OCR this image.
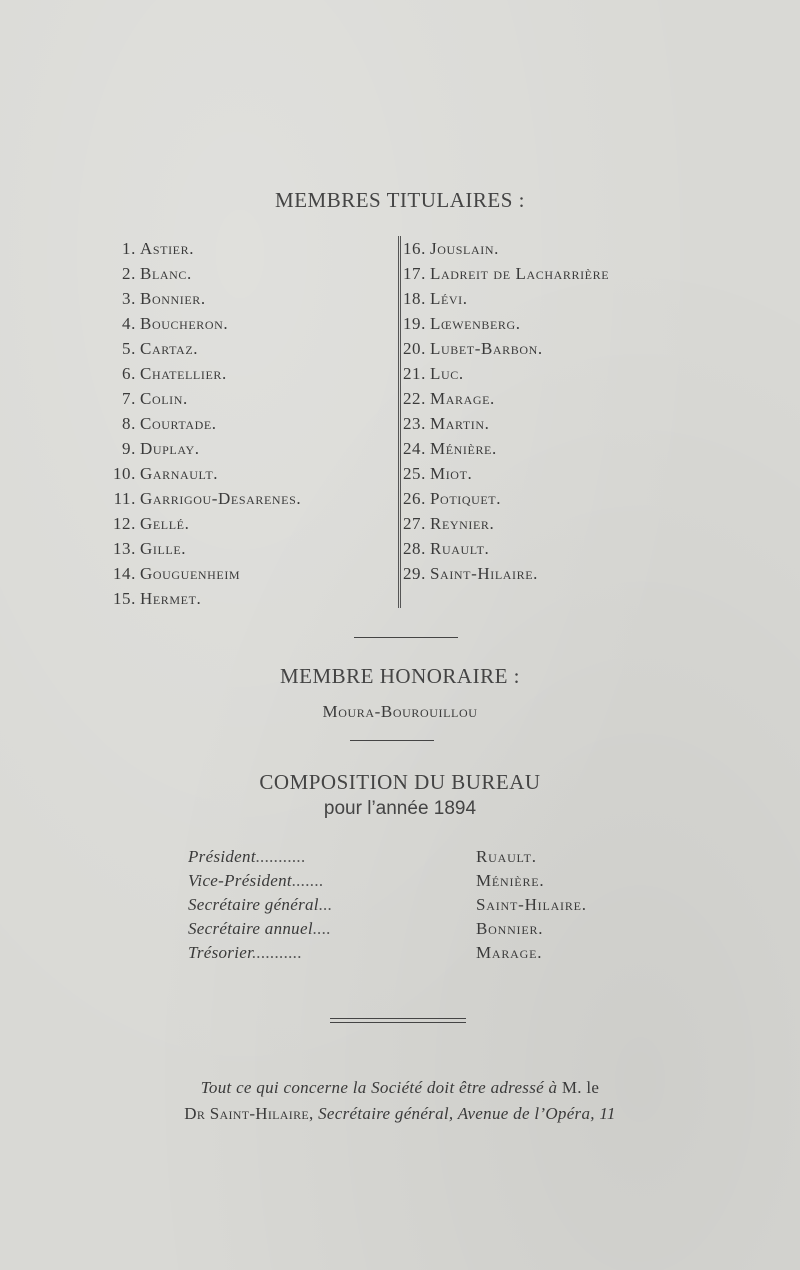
MEMBRES TITULAIRES :
1. Astier.
2. Blanc.
3. Bonnier.
4. Boucheron.
5. Cartaz.
6. Chatellier.
7. Colin.
8. Courtade.
9. Duplay.
10. Garnault.
11. Garrigou-Desarenes.
12. Gellé.
13. Gille.
14. Gouguenheim
15. Hermet.
16. Jouslain.
17. Ladreit de Lacharrière
18. Lévi.
19. Lœwenberg.
20. Lubet-Barbon.
21. Luc.
22. Marage.
23. Martin.
24. Ménière.
25. Miot.
26. Potiquet.
27. Reynier.
28. Ruault.
29. Saint-Hilaire.
MEMBRE HONORAIRE :
Moura-Bourouillou
COMPOSITION DU BUREAU
pour l’année 1894
Président...........	Ruault.
Vice-Président.......	Ménière.
Secrétaire général...	Saint-Hilaire.
Secrétaire annuel....	Bonnier.
Trésorier...........	Marage.
Tout ce qui concerne la Société doit être adressé à M. le
Dr Saint-Hilaire, Secrétaire général, Avenue de l’Opéra, 11
